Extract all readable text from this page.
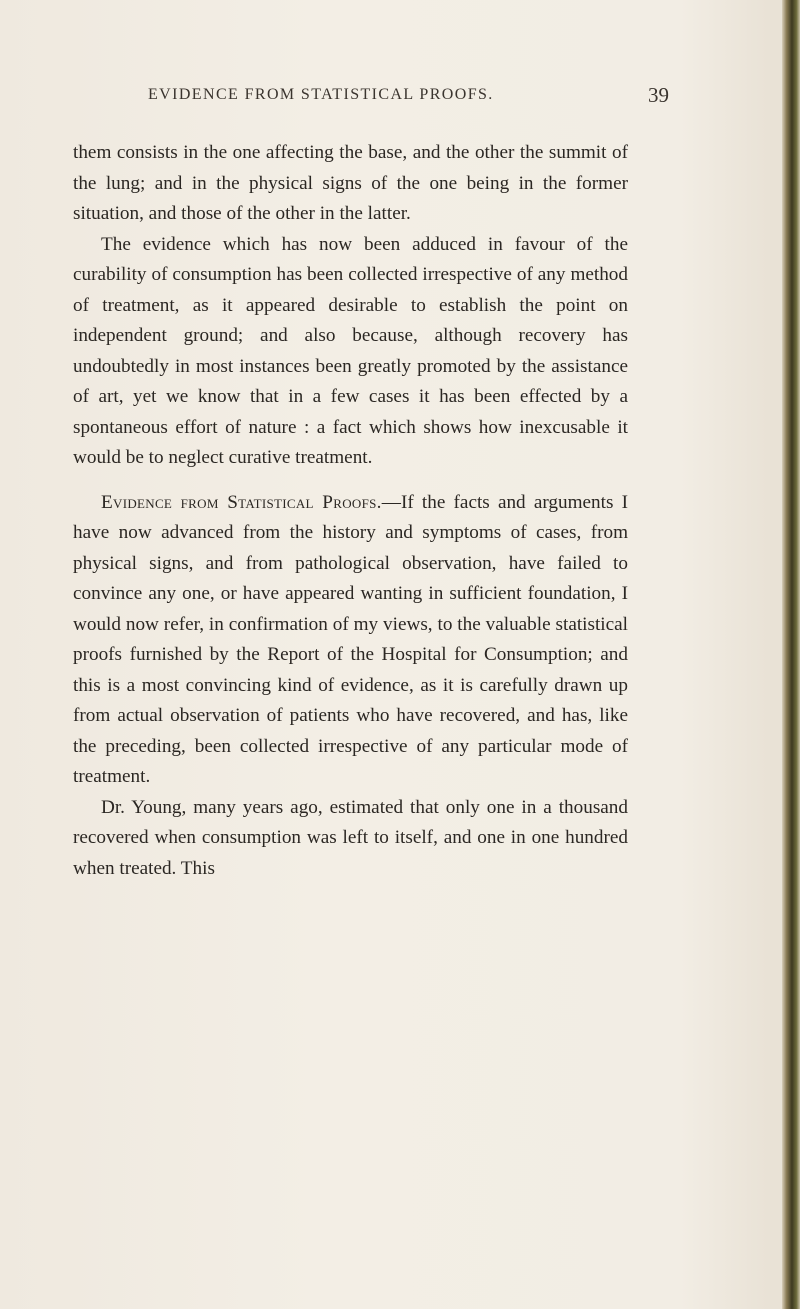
EVIDENCE FROM STATISTICAL PROOFS.	39

them consists in the one affecting the base, and the other the summit of the lung; and in the physical signs of the one being in the former situation, and those of the other in the latter.

The evidence which has now been adduced in favour of the curability of consumption has been collected irrespective of any method of treatment, as it appeared desirable to establish the point on independent ground; and also because, although recovery has undoubtedly in most instances been greatly promoted by the assistance of art, yet we know that in a few cases it has been effected by a spontaneous effort of nature : a fact which shows how inexcusable it would be to neglect curative treatment.

Evidence from Statistical Proofs.—If the facts and arguments I have now advanced from the history and symptoms of cases, from physical signs, and from pathological observation, have failed to convince any one, or have appeared wanting in sufficient foundation, I would now refer, in confirmation of my views, to the valuable statistical proofs furnished by the Report of the Hospital for Consumption; and this is a most convincing kind of evidence, as it is carefully drawn up from actual observation of patients who have recovered, and has, like the preceding, been collected irrespective of any particular mode of treatment.

Dr. Young, many years ago, estimated that only one in a thousand recovered when consumption was left to itself, and one in one hundred when treated. This
